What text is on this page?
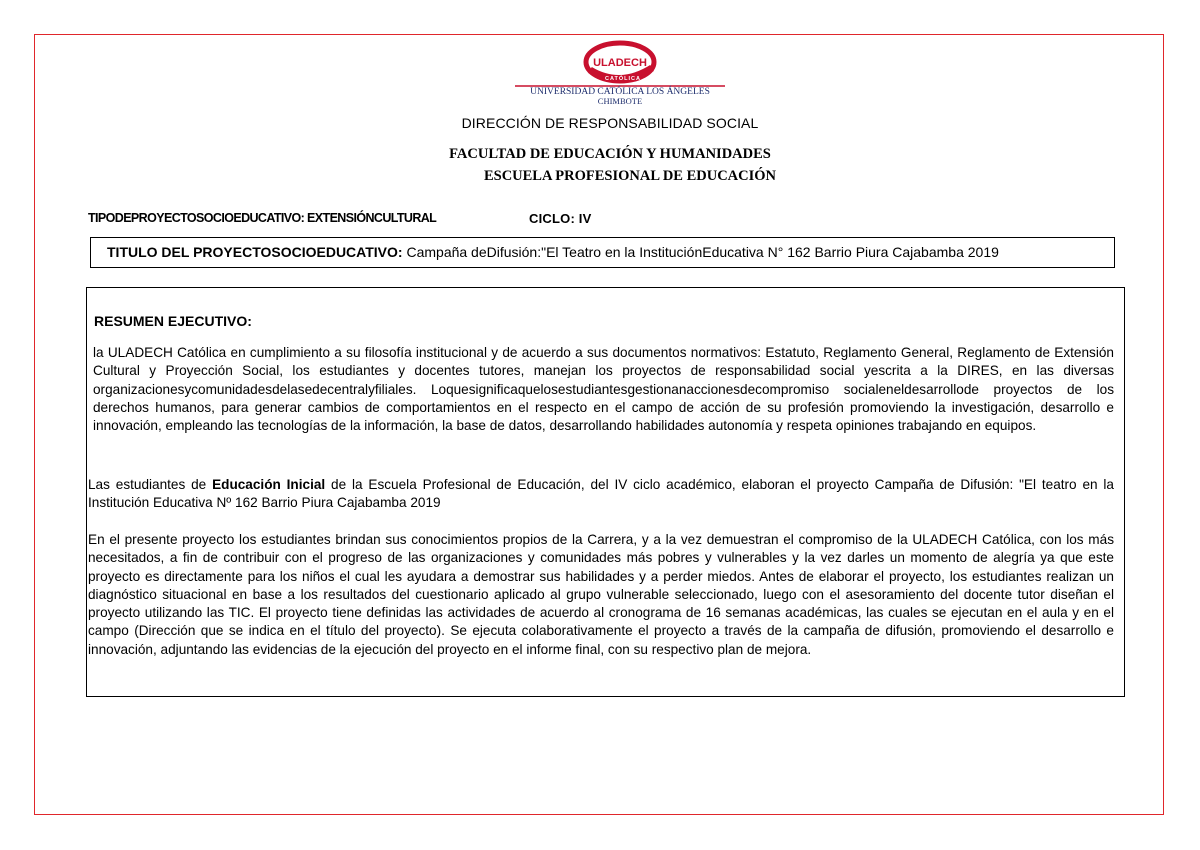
ULADECH
CATÓLICA
UNIVERSIDAD CATÓLICA LOS ÁNGELES
CHIMBOTE
DIRECCIÓN DE RESPONSABILIDAD SOCIAL
FACULTAD DE EDUCACIÓN Y HUMANIDADES
ESCUELA PROFESIONAL DE EDUCACIÓN
TIPODEPROYECTOSOCIOEDUCATIVO: EXTENSIÓNCULTURAL	CICLO: IV
TITULO DEL PROYECTOSOCIOEDUCATIVO: Campaña deDifusión:"El Teatro en la InstituciónEducativa N° 162 Barrio Piura Cajabamba 2019
RESUMEN EJECUTIVO:
la ULADECH Católica en cumplimiento a su filosofía institucional y de acuerdo a sus documentos normativos: Estatuto, Reglamento General, Reglamento de Extensión Cultural y Proyección Social, los estudiantes y docentes tutores, manejan los proyectos de responsabilidad social yescrita a la DIRES, en las diversas organizacionesycomunidadesdelasedecentralyfiliales. Loquesignificaquelosestudiantesgestionanaccionesdecompromiso socialeneldesarrollode proyectos de los derechos humanos, para generar cambios de comportamientos en el respecto en el campo de acción de su profesión promoviendo la investigación, desarrollo e innovación, empleando las tecnologías de la información, la base de datos, desarrollando habilidades autonomía y respeta opiniones trabajando en equipos.
Las estudiantes de Educación Inicial de la Escuela Profesional de Educación, del IV ciclo académico, elaboran el proyecto Campaña de Difusión: "El teatro en la Institución Educativa Nº 162 Barrio Piura Cajabamba 2019
En el presente proyecto los estudiantes brindan sus conocimientos propios de la Carrera, y a la vez demuestran el compromiso de la ULADECH Católica, con los más necesitados, a fin de contribuir con el progreso de las organizaciones y comunidades más pobres y vulnerables y la vez darles un momento de alegría ya que este proyecto es directamente para los niños el cual les ayudara a demostrar sus habilidades y a perder miedos. Antes de elaborar el proyecto, los estudiantes realizan un diagnóstico situacional en base a los resultados del cuestionario aplicado al grupo vulnerable seleccionado, luego con el asesoramiento del docente tutor diseñan el proyecto utilizando las TIC. El proyecto tiene definidas las actividades de acuerdo al cronograma de 16 semanas académicas, las cuales se ejecutan en el aula y en el campo (Dirección que se indica en el título del proyecto). Se ejecuta colaborativamente el proyecto a través de la campaña de difusión, promoviendo el desarrollo e innovación, adjuntando las evidencias de la ejecución del proyecto en el informe final, con su respectivo plan de mejora.
